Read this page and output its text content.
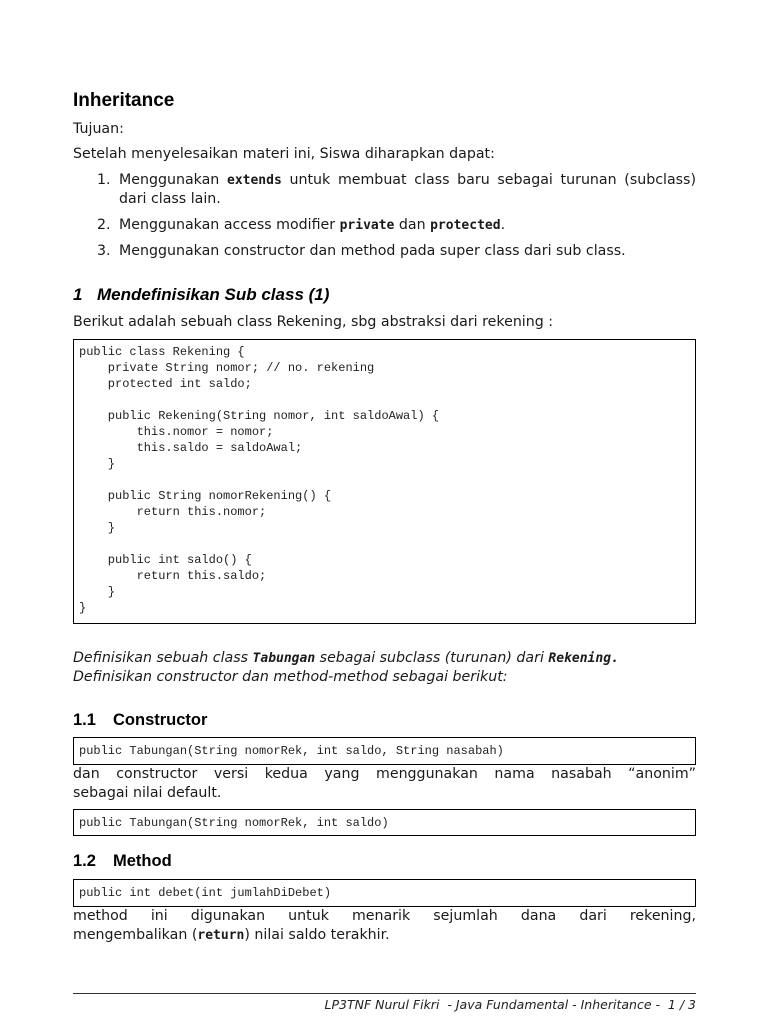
Inheritance
Tujuan:
Setelah menyelesaikan materi ini, Siswa diharapkan dapat:
1. Menggunakan extends untuk membuat class baru sebagai turunan (subclass) dari class lain.
2. Menggunakan access modifier private dan protected.
3. Menggunakan constructor dan method pada super class dari sub class.
1 Mendefinisikan Sub class (1)
Berikut adalah sebuah class Rekening, sbg abstraksi dari rekening :
public class Rekening {
private String nomor; // no. rekening
protected int saldo;

public Rekening(String nomor, int saldoAwal) {
this.nomor = nomor;
this.saldo = saldoAwal;
}

public String nomorRekening() {
return this.nomor;
}

public int saldo() {
return this.saldo;
}
}
Definisikan sebuah class Tabungan sebagai subclass (turunan) dari Rekening.
Definisikan constructor dan method-method sebagai berikut:
1.1 Constructor
public Tabungan(String nomorRek, int saldo, String nasabah)
dan constructor versi kedua yang menggunakan nama nasabah “anonim”
sebagai nilai default.
public Tabungan(String nomorRek, int saldo)
1.2 Method
public int debet(int jumlahDiDebet)
method ini digunakan untuk menarik sejumlah dana dari rekening,
mengembalikan (return) nilai saldo terakhir.
LP3TNF Nurul Fikri  - Java Fundamental - Inheritance -  1 / 3
